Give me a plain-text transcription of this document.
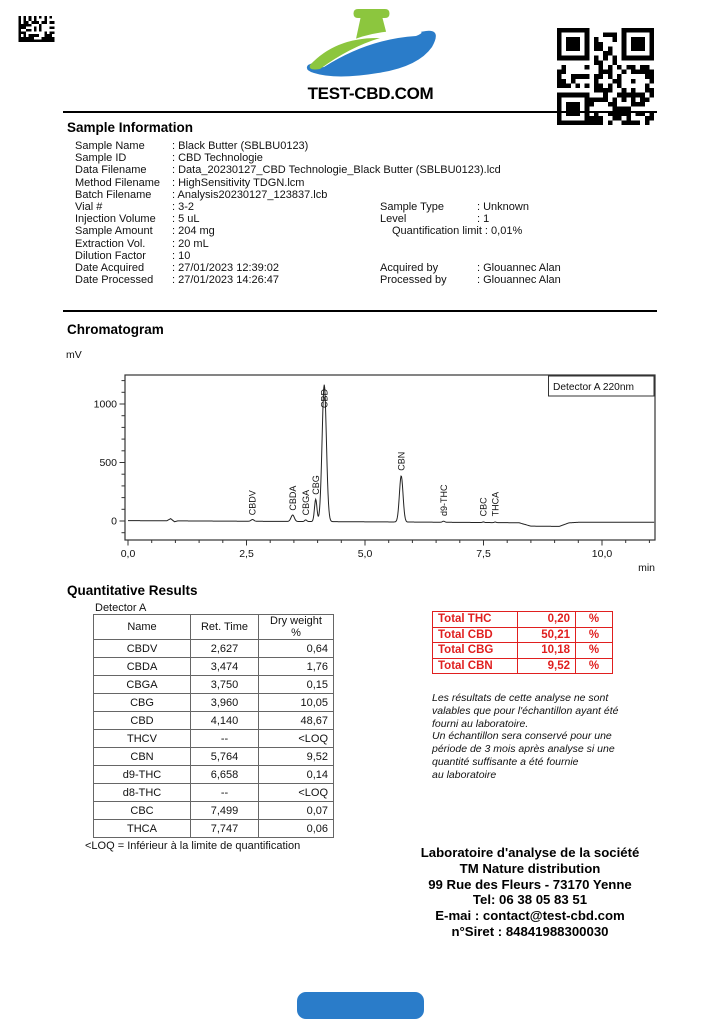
TEST-CBD.COM
Sample Information
Sample Name	: Black Butter (SBLBU0123)
Sample ID	: CBD Technologie
Data Filename	: Data_20230127_CBD Technologie_Black Butter (SBLBU0123).lcd
Method Filename	: HighSensitivity TDGN.lcm
Batch Filename	: Analysis20230127_123837.lcb
Vial #	: 3-2
Injection Volume	: 5 uL
Sample Amount	: 204 mg
Extraction Vol.	: 20 mL
Dilution Factor	: 10
Date Acquired	: 27/01/2023 12:39:02
Date Processed	: 27/01/2023 14:26:47
Sample Type	: Unknown
Level	: 1
Quantification limit : 0,01%
Acquired by	: Glouannec Alan
Processed by	: Glouannec Alan
Chromatogram
mV
Detector A 220nm
0
500
1000
0,0	2,5	5,0	7,5	10,0
min
CBDV	CBDA CBGA
CBG
CBD
CBN
d9-THC	CBC THCA
Quantitative Results
Detector A
Name	Ret. Time	Dry weight %
CBDV	2,627	0,64
CBDA	3,474	1,76
CBGA	3,750	0,15
CBG	3,960	10,05
CBD	4,140	48,67
THCV	--	<LOQ
CBN	5,764	9,52
d9-THC	6,658	0,14
d8-THC	--	<LOQ
CBC	7,499	0,07
THCA	7,747	0,06
<LOQ = Inférieur à la limite de quantification
Total THC	0,20	%
Total CBD	50,21	%
Total CBG	10,18	%
Total CBN	9,52	%
Les résultats de cette analyse ne sont
valables que pour l'échantillon ayant été
fourni au laboratoire.
Un échantillon sera conservé pour une
période de 3 mois après analyse si une
quantité suffisante a été fournie
au laboratoire
Laboratoire d'analyse de la société
TM Nature distribution
99 Rue des Fleurs - 73170 Yenne
Tel: 06 38 05 83 51
E-mai : contact@test-cbd.com
n°Siret : 84841988300030
